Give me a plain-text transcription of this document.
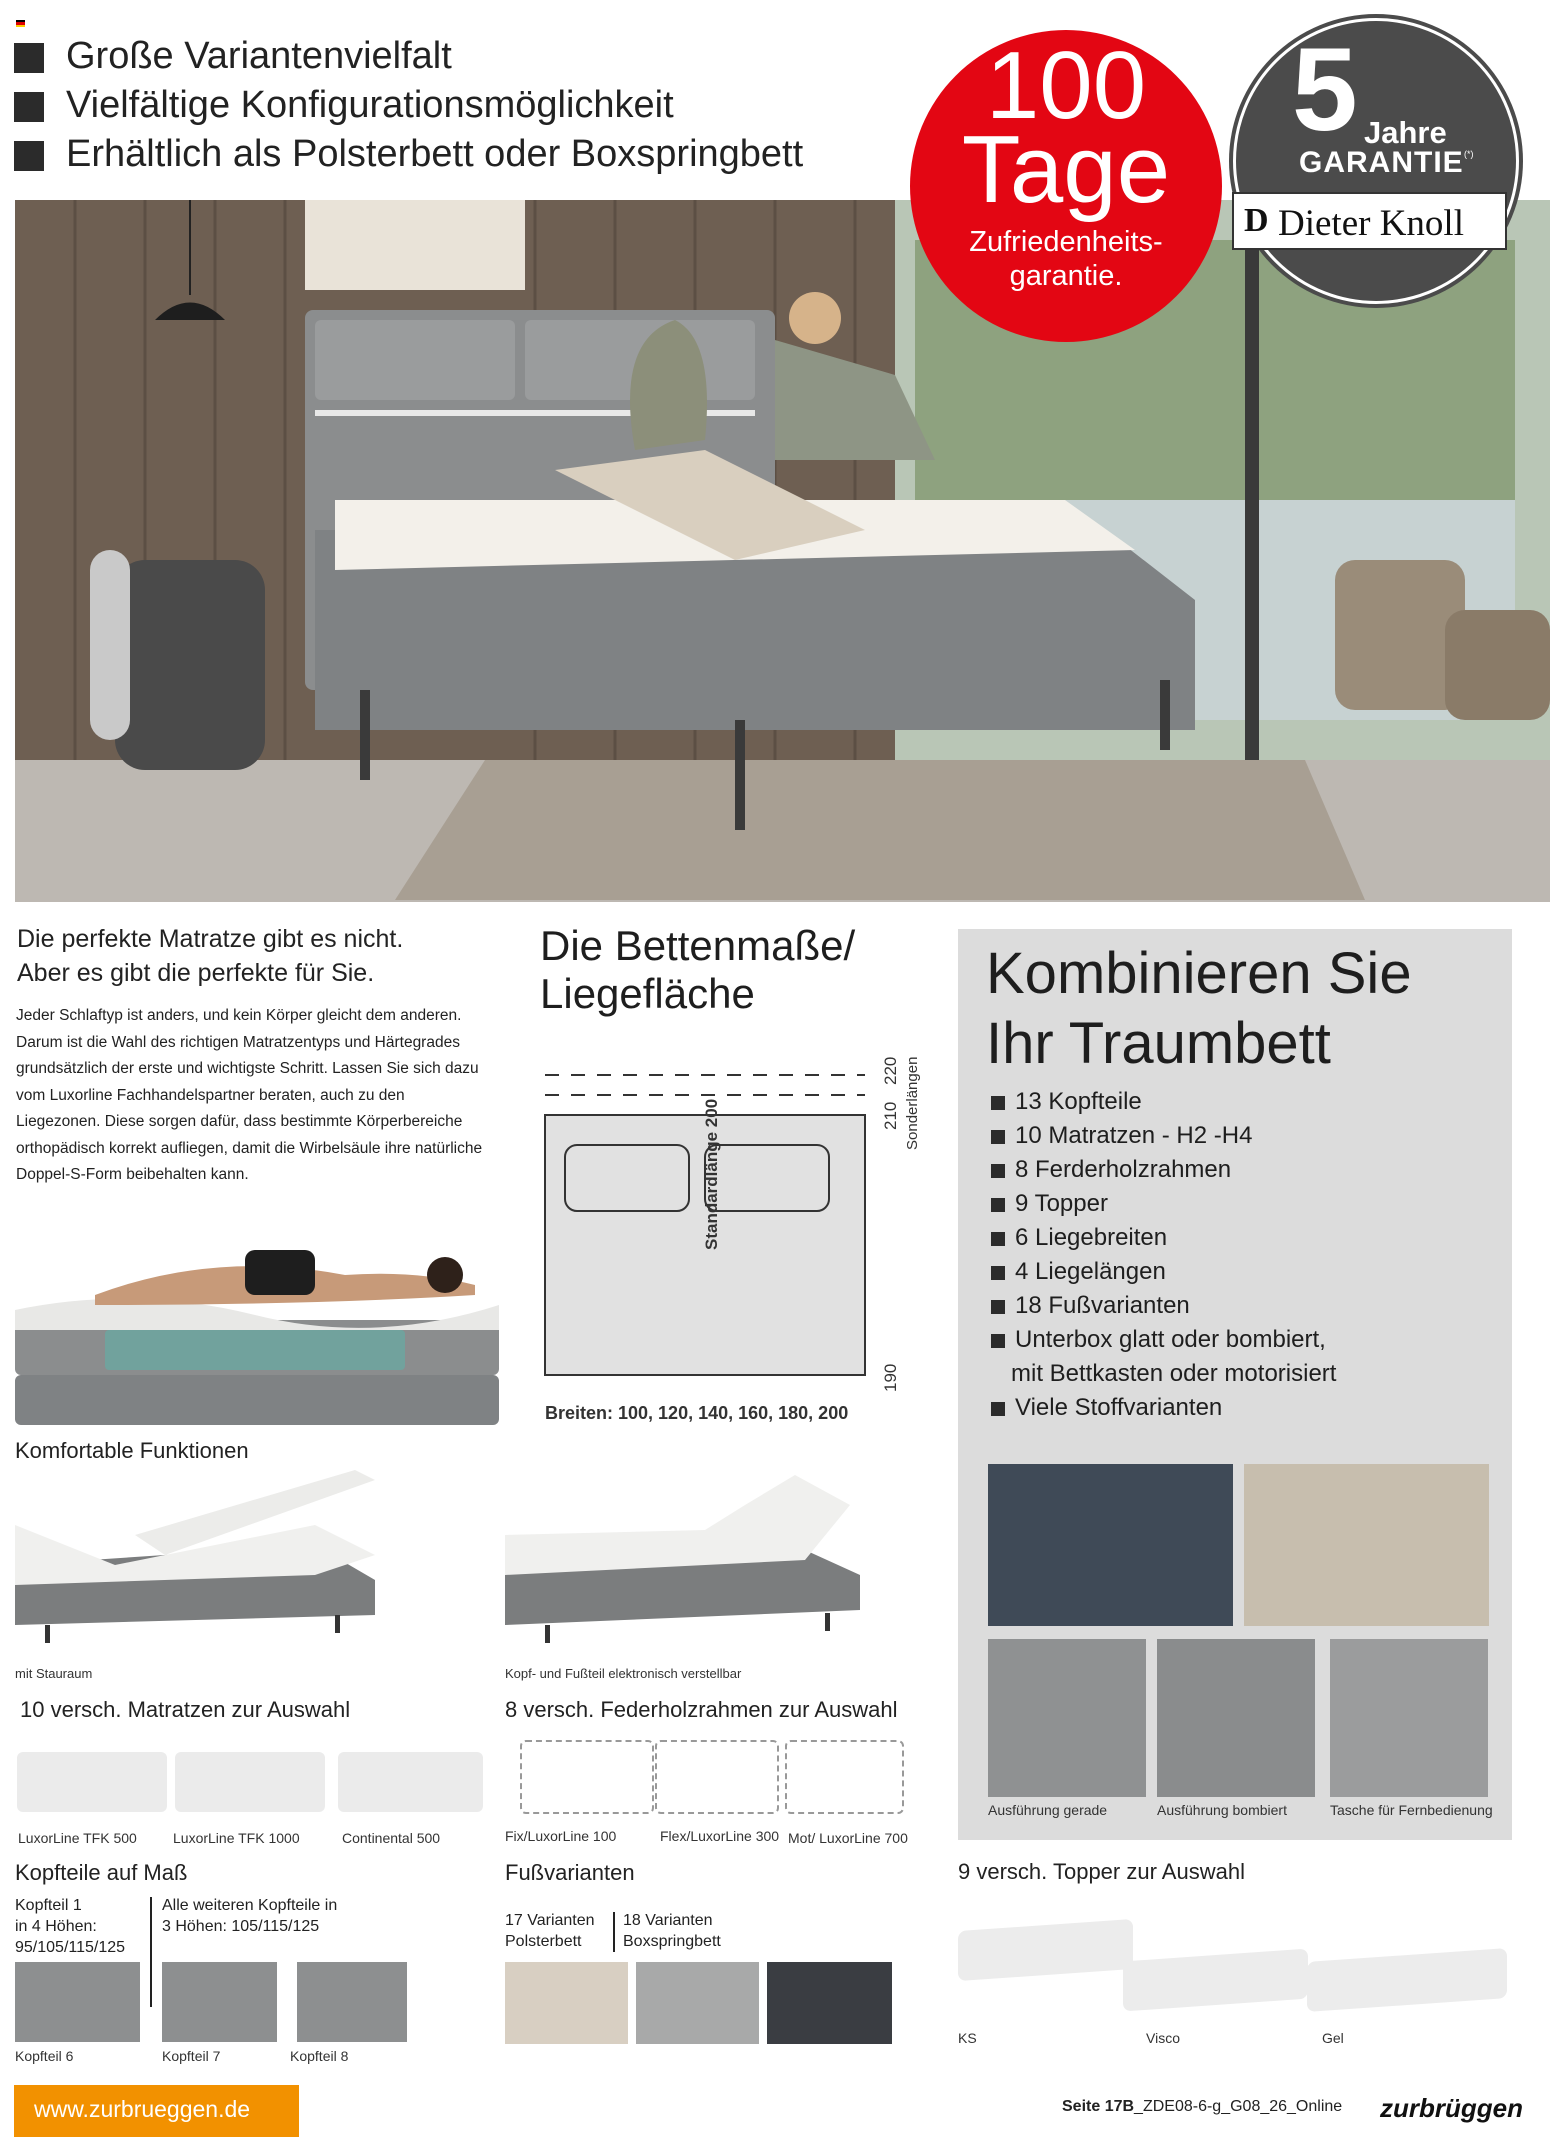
Große Variantenvielfalt
Vielfältige Konfigurationsmöglichkeit
Erhältlich als Polsterbett oder Boxspringbett
100
Tage
Zufriedenheits-
garantie.
5 Jahre
GARANTIE (*)
D Dieter Knoll
Die perfekte Matratze gibt es nicht.
Aber es gibt die perfekte für Sie.
Jeder Schlaftyp ist anders, und kein Körper gleicht dem anderen. Darum ist die Wahl des richtigen Matratzentyps und Härtegrades grundsätzlich der erste und wichtigste Schritt. Lassen Sie sich dazu vom Luxorline Fachhandelspartner beraten, auch zu den Liegezonen. Diese sorgen dafür, dass bestimmte Körperbereiche orthopädisch korrekt aufliegen, damit die Wirbelsäule ihre natürliche Doppel-S-Form beibehalten kann.
Die Bettenmaße/
Liegefläche
Standardlänge 200	210
220 Sonderlängen
190
Breiten: 100, 120, 140, 160, 180, 200
Kombinieren Sie
Ihr Traumbett
13 Kopfteile
10 Matratzen - H2 -H4
8 Ferderholzrahmen
9 Topper
6 Liegebreiten
4 Liegelängen
18 Fußvarianten
Unterbox glatt oder bombiert,
mit Bettkasten oder motorisiert
Viele Stoffvarianten
Ausführung gerade	Ausführung bombiert	Tasche für Fernbedienung
Komfortable Funktionen
mit Stauraum	Kopf- und Fußteil elektronisch verstellbar
10 versch. Matratzen zur Auswahl
LuxorLine TFK 500	LuxorLine TFK 1000	Continental 500
8 versch. Federholzrahmen zur Auswahl
Fix/LuxorLine 100	Flex/LuxorLine 300 Mot/ LuxorLine 700
Kopfteile auf Maß
Kopfteil 1
in 4 Höhen:
95/105/115/125
Alle weiteren Kopfteile in
3 Höhen: 105/115/125
Kopfteil 6	Kopfteil 7	Kopfteil 8
Fußvarianten
17 Varianten
Polsterbett
18 Varianten
Boxspringbett
9 versch. Topper zur Auswahl
KS	Visco	Gel
www.zurbrueggen.de	Seite 17B_ZDE08-6-g_G08_26_Online zurbrüggen
